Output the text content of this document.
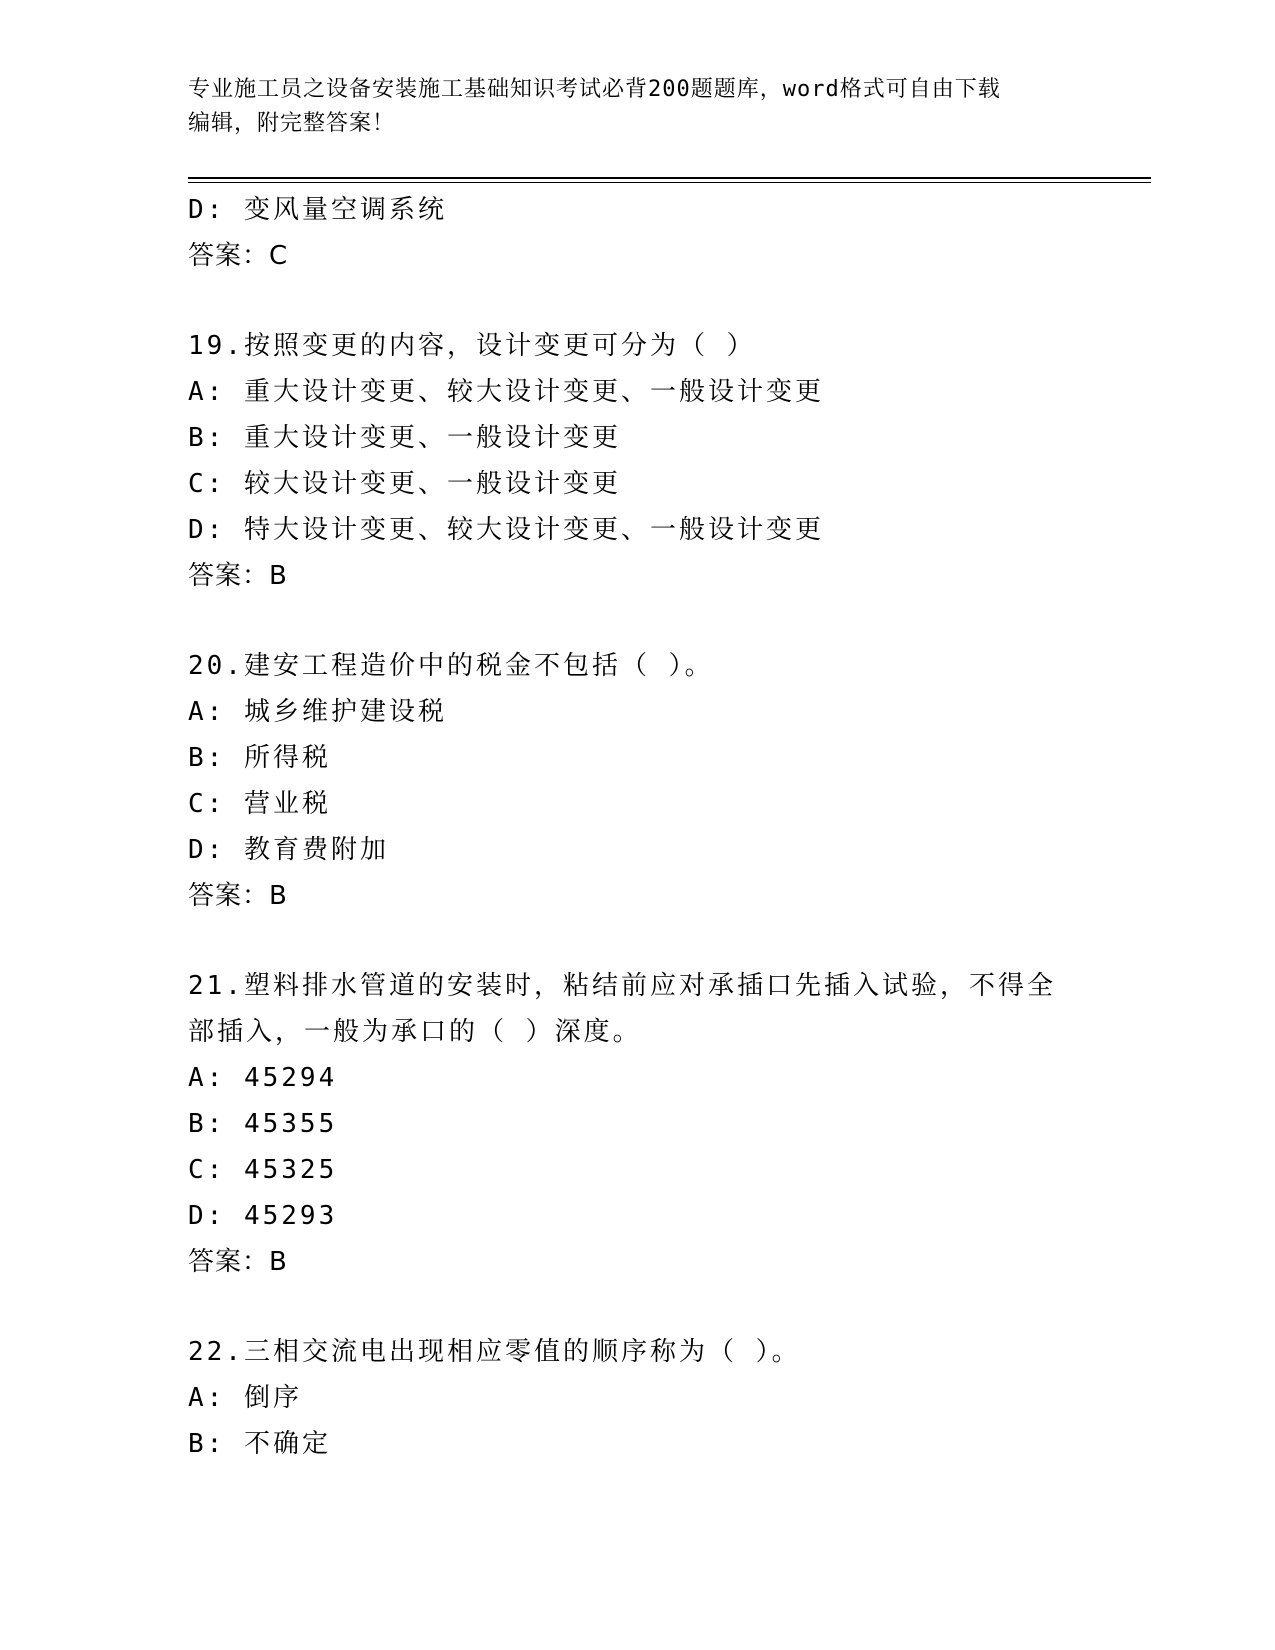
专业施工员之设备安装施工基础知识考试必背200题题库，word格式可自由下载
编辑，附完整答案！
D: 变风量空调系统
答案：C
19.按照变更的内容，设计变更可分为（ ）
A: 重大设计变更、较大设计变更、一般设计变更
B: 重大设计变更、一般设计变更
C: 较大设计变更、一般设计变更
D: 特大设计变更、较大设计变更、一般设计变更
答案：B
20.建安工程造价中的税金不包括（ ）。
A: 城乡维护建设税
B: 所得税
C: 营业税
D: 教育费附加
答案：B
21.塑料排水管道的安装时，粘结前应对承插口先插入试验，不得全部插入，一般为承口的（ ）深度。
A: 45294
B: 45355
C: 45325
D: 45293
答案：B
22.三相交流电出现相应零值的顺序称为（ ）。
A: 倒序
B: 不确定
